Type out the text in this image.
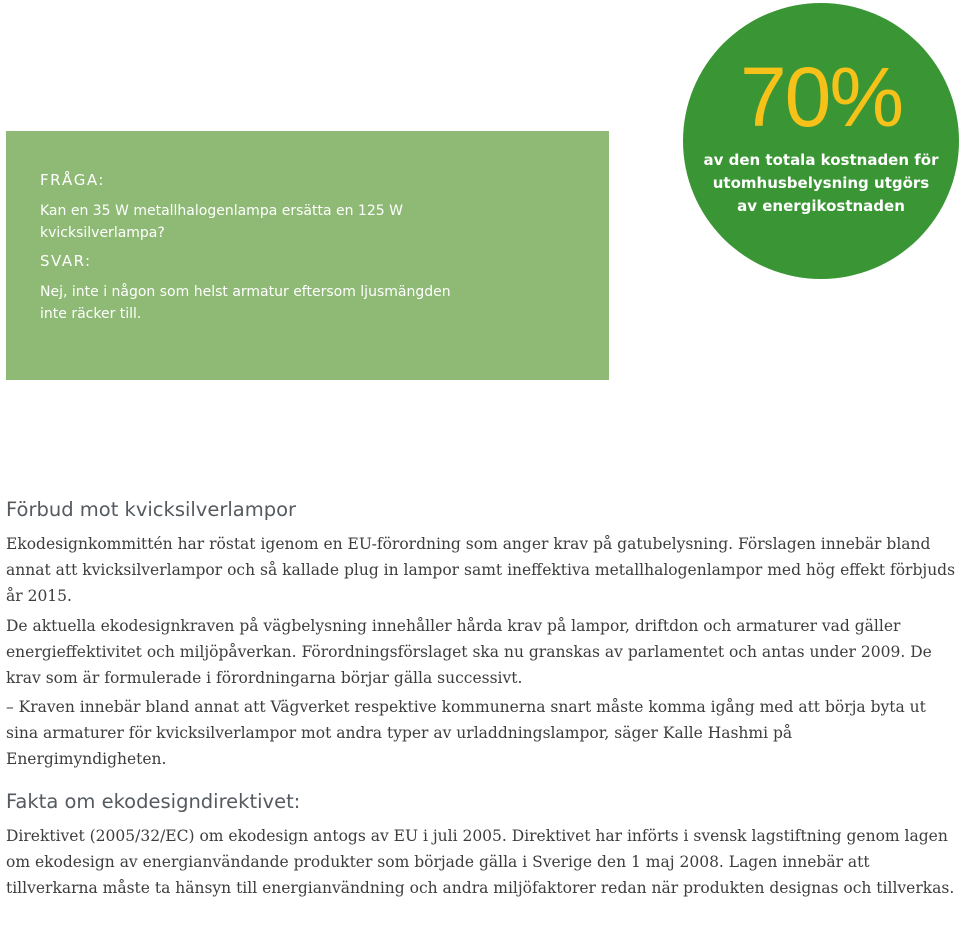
FRÅGA:
Kan en 35 W metallhalogenlampa ersätta en 125 W kvicksilverlampa?
SVAR:
Nej, inte i någon som helst armatur eftersom ljusmängden inte räcker till.
70%
av den totala kostnaden för utomhusbelysning utgörs av energikostnaden
Förbud mot kvicksilverlampor

Ekodesignkommittén har röstat igenom en EU-förordning som anger krav på gatubelysning. Förslagen innebär bland annat att kvicksilverlampor och så kallade plug in lampor samt ineffektiva metallhalogenlampor med hög effekt förbjuds år 2015.

De aktuella ekodesignkraven på vägbelysning innehåller hårda krav på lampor, driftdon och armaturer vad gäller energieffektivitet och miljöpåverkan. Förordningsförslaget ska nu granskas av parlamentet och antas under 2009. De krav som är formulerade i förordningarna börjar gälla successivt.

– Kraven innebär bland annat att Vägverket respektive kommunerna snart måste komma igång med att börja byta ut sina armaturer för kvicksilverlampor mot andra typer av urladdningslampor, säger Kalle Hashmi på Energimyndigheten.

Fakta om ekodesigndirektivet:

Direktivet (2005/32/EC) om ekodesign antogs av EU i juli 2005. Direktivet har införts i svensk lagstiftning genom lagen om ekodesign av energianvändande produkter som började gälla i Sverige den 1 maj 2008. Lagen innebär att tillverkarna måste ta hänsyn till energianvändning och andra miljöfaktorer redan när produkten designas och tillverkas.
